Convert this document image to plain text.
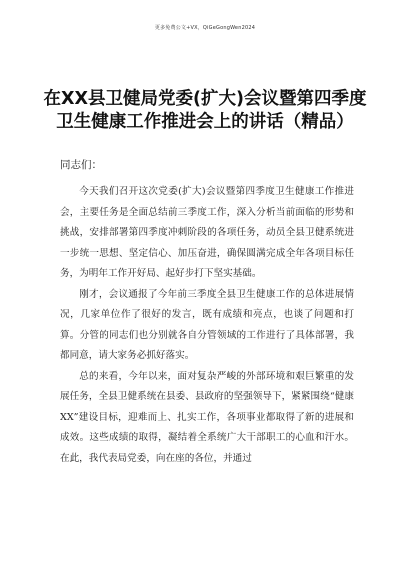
更多免费公文+VX，QiGeGongWen2024
在XX县卫健局党委(扩大)会议暨第四季度卫生健康工作推进会上的讲话（精品）
同志们：

今天我们召开这次党委(扩大)会议暨第四季度卫生健康工作推进会，主要任务是全面总结前三季度工作，深入分析当前面临的形势和挑战，安排部署第四季度冲刺阶段的各项任务，动员全县卫健系统进一步统一思想、坚定信心、加压奋进，确保圆满完成全年各项目标任务，为明年工作开好局、起好步打下坚实基础。

刚才，会议通报了今年前三季度全县卫生健康工作的总体进展情况，几家单位作了很好的发言，既有成绩和亮点，也谈了问题和打算。分管的同志们也分别就各自分管领域的工作进行了具体部署，我都同意，请大家务必抓好落实。

总的来看，今年以来，面对复杂严峻的外部环境和艰巨繁重的发展任务，全县卫健系统在县委、县政府的坚强领导下，紧紧围绕“健康XX”建设目标，迎难而上、扎实工作，各项事业都取得了新的进展和成效。这些成绩的取得，凝结着全系统广大干部职工的心血和汗水。在此，我代表局党委，向在座的各位，并通过
